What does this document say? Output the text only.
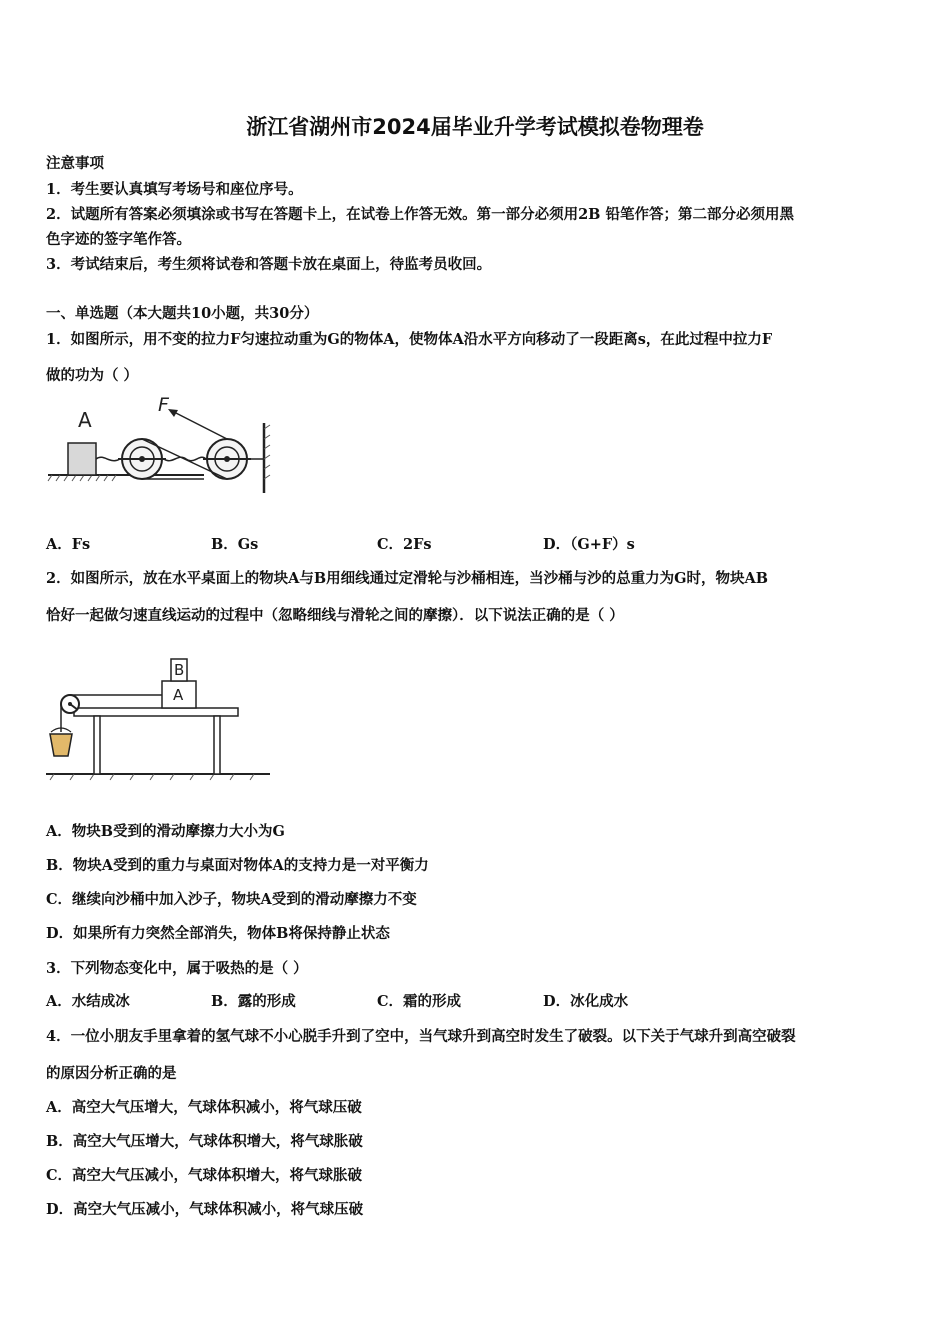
浙江省湖州市2024届毕业升学考试模拟卷物理卷
注意事项
1．考生要认真填写考场号和座位序号。
2．试题所有答案必须填涂或书写在答题卡上，在试卷上作答无效。第一部分必须用2B 铅笔作答；第二部分必须用黑
色字迹的签字笔作答。
3．考试结束后，考生须将试卷和答题卡放在桌面上，待监考员收回。
一、单选题（本大题共10小题，共30分）
1．如图所示，用不变的拉力F匀速拉动重为G的物体A，使物体A沿水平方向移动了一段距离s，在此过程中拉力F
做的功为（ ）
A
F
A．Fs	B．Gs	C．2Fs	D．（G+F）s
2．如图所示，放在水平桌面上的物块A与B用细线通过定滑轮与沙桶相连，当沙桶与沙的总重力为G时，物块AB
恰好一起做匀速直线运动的过程中（忽略细线与滑轮之间的摩擦）．以下说法正确的是（ ）
A
B
A．物块B受到的滑动摩擦力大小为G
B．物块A受到的重力与桌面对物体A的支持力是一对平衡力
C．继续向沙桶中加入沙子，物块A受到的滑动摩擦力不变
D．如果所有力突然全部消失，物体B将保持静止状态
3．下列物态变化中，属于吸热的是（ ）
A．水结成冰	B．露的形成	C．霜的形成	D．冰化成水
4．一位小朋友手里拿着的氢气球不小心脱手升到了空中，当气球升到高空时发生了破裂。以下关于气球升到高空破裂
的原因分析正确的是
A．高空大气压增大，气球体积减小，将气球压破
B．高空大气压增大，气球体积增大，将气球胀破
C．高空大气压减小，气球体积增大，将气球胀破
D．高空大气压减小，气球体积减小，将气球压破
